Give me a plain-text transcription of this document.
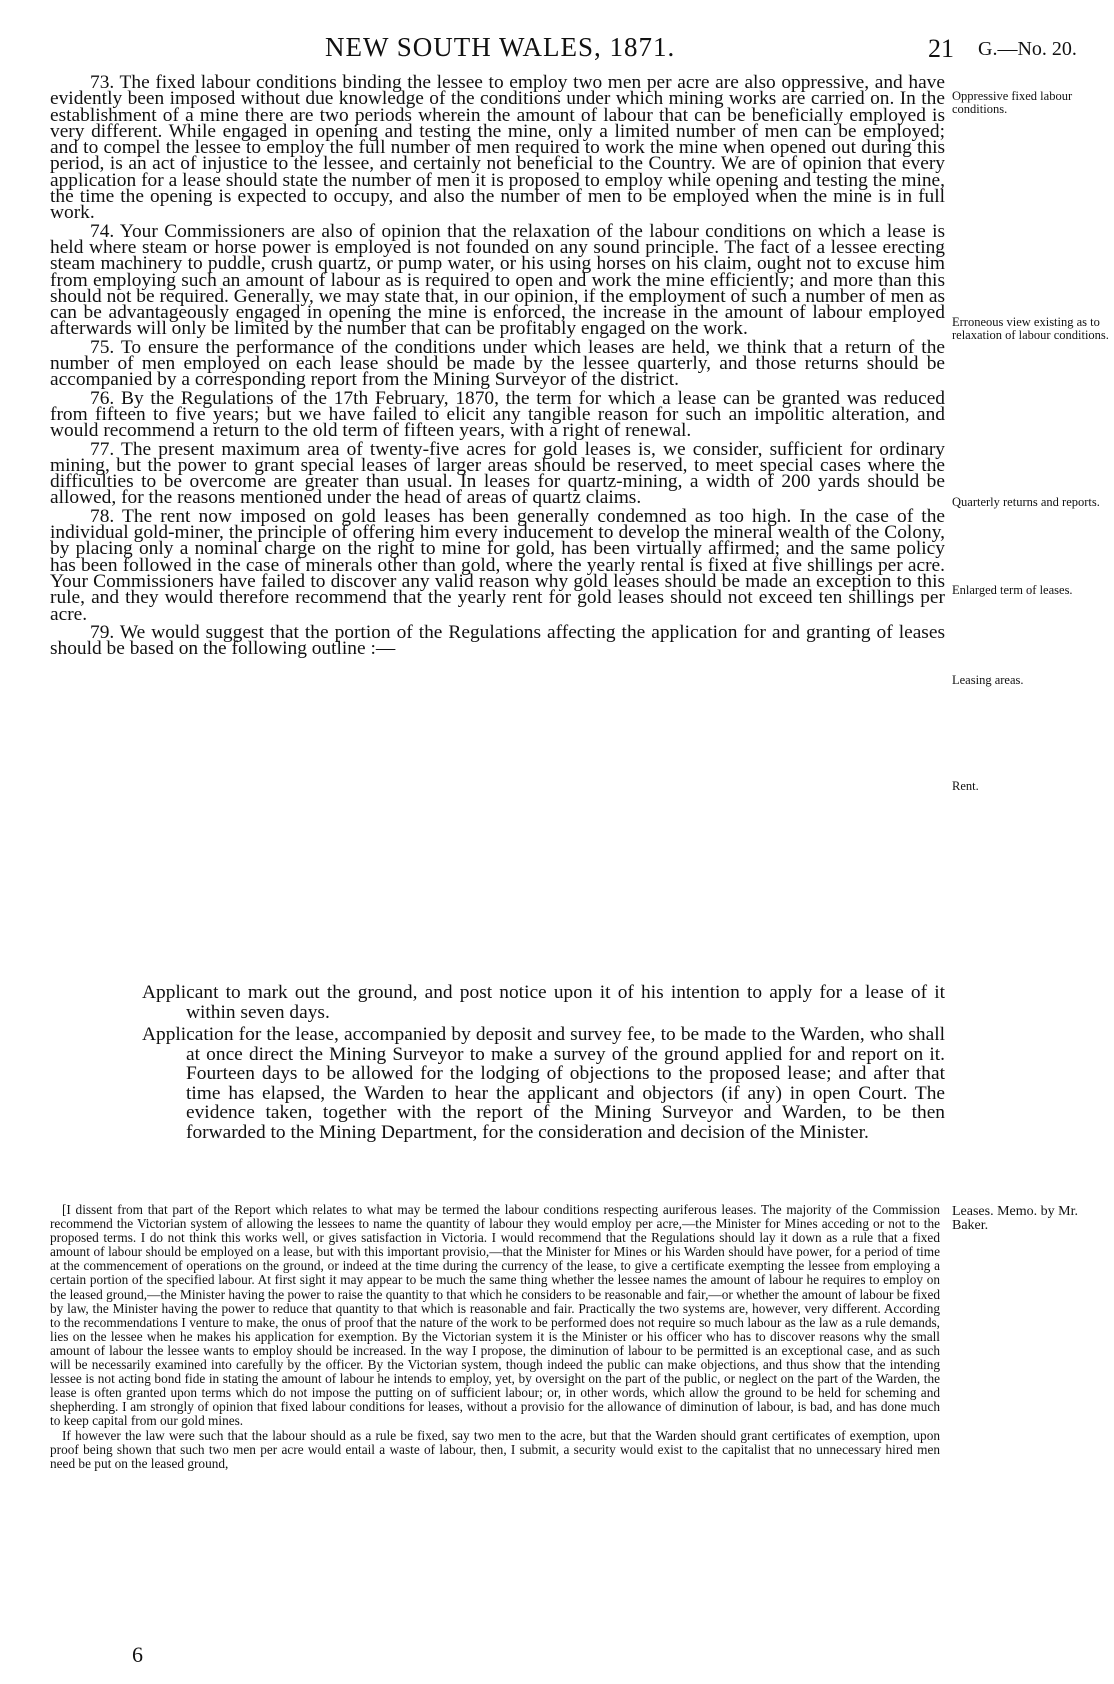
NEW SOUTH WALES, 1871.	21 G.—No. 20.

73. The fixed labour conditions binding the lessee to employ two men per acre are also oppressive, and have evidently been imposed without due knowledge of the conditions under which mining works are carried on. In the establishment of a mine there are two periods wherein the amount of labour that can be beneficially employed is very different. While engaged in opening and testing the mine, only a limited number of men can be employed; and to compel the lessee to employ the full number of men required to work the mine when opened out during this period, is an act of injustice to the lessee, and certainly not beneficial to the Country. We are of opinion that every application for a lease should state the number of men it is proposed to employ while opening and testing the mine, the time the opening is expected to occupy, and also the number of men to be employed when the mine is in full work.

74. Your Commissioners are also of opinion that the relaxation of the labour conditions on which a lease is held where steam or horse power is employed is not founded on any sound principle. The fact of a lessee erecting steam machinery to puddle, crush quartz, or pump water, or his using horses on his claim, ought not to excuse him from employing such an amount of labour as is required to open and work the mine efficiently; and more than this should not be required. Generally, we may state that, in our opinion, if the employment of such a number of men as can be advantageously engaged in opening the mine is enforced, the increase in the amount of labour employed afterwards will only be limited by the number that can be profitably engaged on the work.

75. To ensure the performance of the conditions under which leases are held, we think that a return of the number of men employed on each lease should be made by the lessee quarterly, and those returns should be accompanied by a corresponding report from the Mining Surveyor of the district.

76. By the Regulations of the 17th February, 1870, the term for which a lease can be granted was reduced from fifteen to five years; but we have failed to elicit any tangible reason for such an impolitic alteration, and would recommend a return to the old term of fifteen years, with a right of renewal.

77. The present maximum area of twenty-five acres for gold leases is, we consider, sufficient for ordinary mining, but the power to grant special leases of larger areas should be reserved, to meet special cases where the difficulties to be overcome are greater than usual. In leases for quartz-mining, a width of 200 yards should be allowed, for the reasons mentioned under the head of areas of quartz claims.

78. The rent now imposed on gold leases has been generally condemned as too high. In the case of the individual gold-miner, the principle of offering him every inducement to develop the mineral wealth of the Colony, by placing only a nominal charge on the right to mine for gold, has been virtually affirmed; and the same policy has been followed in the case of minerals other than gold, where the yearly rental is fixed at five shillings per acre. Your Commissioners have failed to discover any valid reason why gold leases should be made an exception to this rule, and they would therefore recommend that the yearly rent for gold leases should not exceed ten shillings per acre.

79. We would suggest that the portion of the Regulations affecting the application for and granting of leases should be based on the following outline :—

Applicant to mark out the ground, and post notice upon it of his intention to apply for a lease of it within seven days.

Application for the lease, accompanied by deposit and survey fee, to be made to the Warden, who shall at once direct the Mining Surveyor to make a survey of the ground applied for and report on it. Fourteen days to be allowed for the lodging of objections to the proposed lease; and after that time has elapsed, the Warden to hear the applicant and objectors (if any) in open Court. The evidence taken, together with the report of the Mining Surveyor and Warden, to be then forwarded to the Mining Department, for the consideration and decision of the Minister.

[I dissent from that part of the Report which relates to what may be termed the labour conditions respecting auriferous leases. The majority of the Commission recommend the Victorian system of allowing the lessees to name the quantity of labour they would employ per acre,—the Minister for Mines acceding or not to the proposed terms. I do not think this works well, or gives satisfaction in Victoria. I would recommend that the Regulations should lay it down as a rule that a fixed amount of labour should be employed on a lease, but with this important provisio,—that the Minister for Mines or his Warden should have power, for a period of time at the commencement of operations on the ground, or indeed at the time during the currency of the lease, to give a certificate exempting the lessee from employing a certain portion of the specified labour. At first sight it may appear to be much the same thing whether the lessee names the amount of labour he requires to employ on the leased ground,—the Minister having the power to raise the quantity to that which he considers to be reasonable and fair,—or whether the amount of labour be fixed by law, the Minister having the power to reduce that quantity to that which is reasonable and fair. Practically the two systems are, however, very different. According to the recommendations I venture to make, the onus of proof that the nature of the work to be performed does not require so much labour as the law as a rule demands, lies on the lessee when he makes his application for exemption. By the Victorian system it is the Minister or his officer who has to discover reasons why the small amount of labour the lessee wants to employ should be increased. In the way I propose, the diminution of labour to be permitted is an exceptional case, and as such will be necessarily examined into carefully by the officer. By the Victorian system, though indeed the public can make objections, and thus show that the intending lessee is not acting bond fide in stating the amount of labour he intends to employ, yet, by oversight on the part of the public, or neglect on the part of the Warden, the lease is often granted upon terms which do not impose the putting on of sufficient labour; or, in other words, which allow the ground to be held for scheming and shepherding. I am strongly of opinion that fixed labour conditions for leases, without a provisio for the allowance of diminution of labour, is bad, and has done much to keep capital from our gold mines.

If however the law were such that the labour should as a rule be fixed, say two men to the acre, but that the Warden should grant certificates of exemption, upon proof being shown that such two men per acre would entail a waste of labour, then, I submit, a security would exist to the capitalist that no unnecessary hired men need be put on the leased ground,

Oppressive fixed labour conditions.
Erroneous view existing as to relaxation of labour conditions.
Quarterly returns and reports.
Enlarged term of leases.
Leasing areas.
Rent.
Leases. Memo. by Mr. Baker.
6
